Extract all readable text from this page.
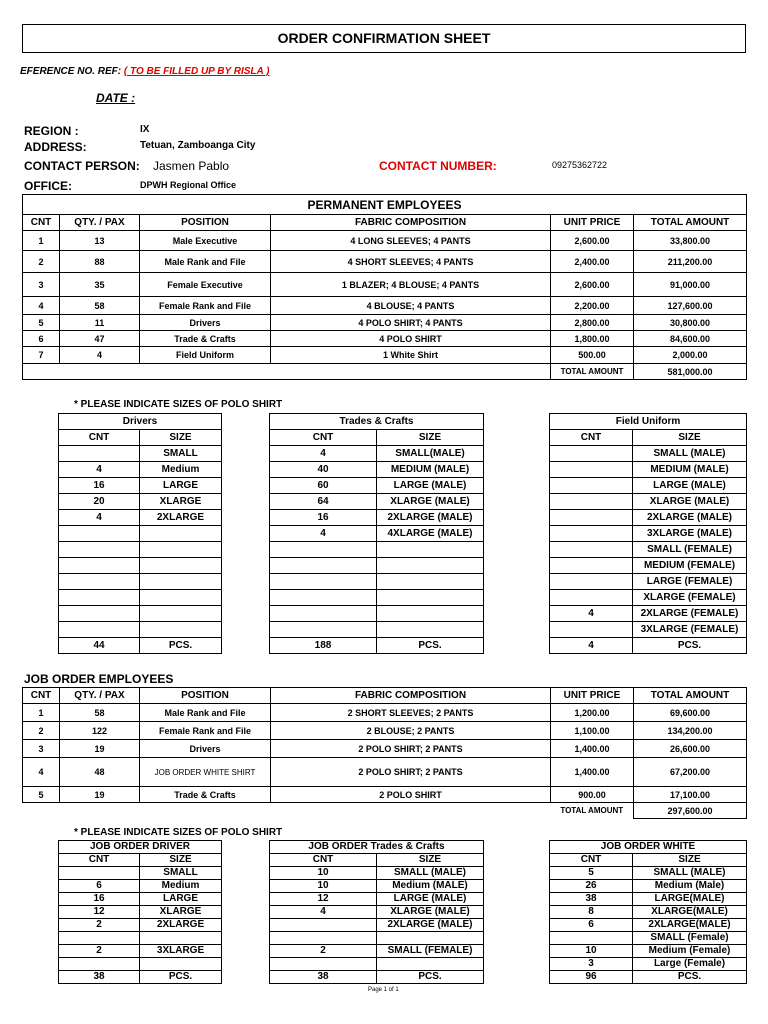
ORDER CONFIRMATION SHEET
EFERENCE NO. REF: ( TO BE FILLED UP BY RISLA )
DATE :
REGION :	IX
ADDRESS:	Tetuan, Zamboanga City
CONTACT PERSON: Jasmen Pablo	CONTACT NUMBER:	09275362722
OFFICE:	DPWH Regional Office
PERMANENT EMPLOYEES					
CNT	QTY. / PAX	POSITION	FABRIC COMPOSITION	UNIT PRICE	TOTAL AMOUNT
1	13	Male Executive	4 LONG SLEEVES; 4 PANTS	2,600.00	33,800.00
2	88	Male Rank and File	4 SHORT SLEEVES; 4 PANTS	2,400.00	211,200.00
3	35	Female Executive	1 BLAZER; 4 BLOUSE; 4 PANTS	2,600.00	91,000.00
4	58	Female Rank and File	4 BLOUSE; 4 PANTS	2,200.00	127,600.00
5	11	Drivers	4 POLO SHIRT; 4 PANTS	2,800.00	30,800.00
6	47	Trade & Crafts	4 POLO SHIRT	1,800.00	84,600.00
7	4	Field Uniform	1 White Shirt	500.00	2,000.00
				TOTAL AMOUNT	581,000.00
* PLEASE INDICATE SIZES OF POLO SHIRT
Drivers	
CNT	SIZE
	SMALL
4	Medium
16	LARGE
20	XLARGE
4	2XLARGE

44	PCS.
Trades & Crafts	
CNT	SIZE
4	SMALL(MALE)
40	MEDIUM (MALE)
60	LARGE (MALE)
64	XLARGE (MALE)
16	2XLARGE (MALE)
4	4XLARGE (MALE)

188	PCS.
Field Uniform	
CNT	SIZE
	SMALL (MALE)
	MEDIUM (MALE)
	LARGE (MALE)
	XLARGE (MALE)
	2XLARGE (MALE)
	3XLARGE (MALE)
	SMALL (FEMALE)
	MEDIUM (FEMALE)
	LARGE (FEMALE)
	XLARGE (FEMALE)
4	2XLARGE (FEMALE)
	3XLARGE (FEMALE)
4	PCS.
JOB ORDER EMPLOYEES
CNT	QTY. / PAX	POSITION	FABRIC COMPOSITION	UNIT PRICE	TOTAL AMOUNT
1	58	Male Rank and File	2 SHORT SLEEVES; 2 PANTS	1,200.00	69,600.00
2	122	Female Rank and File	2 BLOUSE; 2 PANTS	1,100.00	134,200.00
3	19	Drivers	2 POLO SHIRT; 2 PANTS	1,400.00	26,600.00
4	48	JOB ORDER WHITE SHIRT	2 POLO SHIRT; 2 PANTS	1,400.00	67,200.00
5	19	Trade & Crafts	2 POLO SHIRT	900.00	17,100.00
				TOTAL AMOUNT	297,600.00
* PLEASE INDICATE SIZES OF POLO SHIRT
JOB ORDER DRIVER	
CNT	SIZE
	SMALL
6	Medium
16	LARGE
12	XLARGE
2	2XLARGE

2	3XLARGE

38	PCS.
JOB ORDER Trades & Crafts	
CNT	SIZE
10	SMALL (MALE)
10	Medium (MALE)
12	LARGE (MALE)
4	XLARGE (MALE)
	2XLARGE (MALE)

2	SMALL (FEMALE)

38	PCS.
JOB ORDER WHITE	
CNT	SIZE
5	SMALL (MALE)
26	Medium (Male)
38	LARGE(MALE)
8	XLARGE(MALE)
6	2XLARGE(MALE)
	SMALL (Female)
10	Medium (Female)
3	Large (Female)
96	PCS.
Page 1 of 1
